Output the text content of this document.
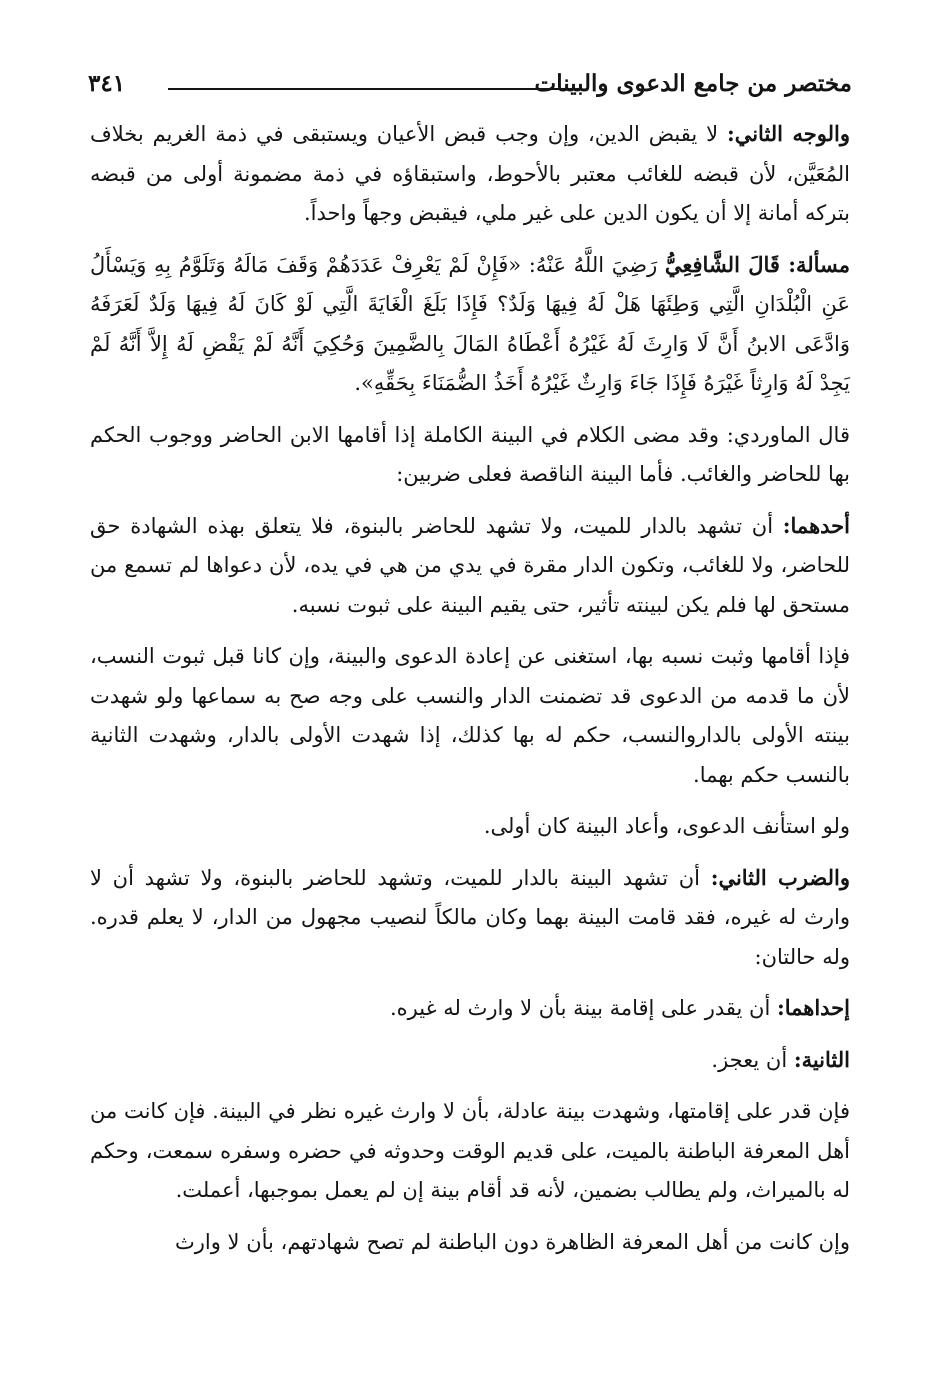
مختصر من جامع الدعوى والبينات
٣٤١

والوجه الثاني: لا يقبض الدين، وإن وجب قبض الأعيان ويستبقى في ذمة الغريم بخلاف المُعَيَّن، لأن قبضه للغائب معتبر بالأحوط، واستبقاؤه في ذمة مضمونة أولى من قبضه بتركه أمانة إلا أن يكون الدين على غير ملي، فيقبض وجهاً واحداً.

مسألة: قَالَ الشَّافِعِيُّ رَضِيَ اللَّهُ عَنْهُ: «فَإِنْ لَمْ يَعْرِفْ عَدَدَهُمْ وَقَفَ مَالَهُ وَتَلَوَّمُ بِهِ وَيَسْأَلُ عَنِ الْبُلْدَانِ الَّتِي وَطِئَهَا هَلْ لَهُ فِيهَا وَلَدٌ؟ فَإِذَا بَلَغَ الْغَايَةَ الَّتِي لَوْ كَانَ لَهُ فِيهَا وَلَدٌ لَعَرَفَهُ وَادَّعَى الابنُ أَنَّ لَا وَارِثَ لَهُ غَيْرُهُ أَعْطَاهُ المَالَ بِالضَّمِينَ وَحُكِيَ أَنَّهُ لَمْ يَقْضِ لَهُ إِلاَّ أَنَّهُ لَمْ يَجِدْ لَهُ وَارِثاً غَيْرَهُ فَإِذَا جَاءَ وَارِثٌ غَيْرُهُ أَخَذُ الضُّمَنَاءَ بِحَقِّهِ».

قال الماوردي: وقد مضى الكلام في البينة الكاملة إذا أقامها الابن الحاضر ووجوب الحكم بها للحاضر والغائب. فأما البينة الناقصة فعلى ضربين:

أحدهما: أن تشهد بالدار للميت، ولا تشهد للحاضر بالبنوة، فلا يتعلق بهذه الشهادة حق للحاضر، ولا للغائب، وتكون الدار مقرة في يدي من هي في يده، لأن دعواها لم تسمع من مستحق لها فلم يكن لبينته تأثير، حتى يقيم البينة على ثبوت نسبه.

فإذا أقامها وثبت نسبه بها، استغنى عن إعادة الدعوى والبينة، وإن كانا قبل ثبوت النسب، لأن ما قدمه من الدعوى قد تضمنت الدار والنسب على وجه صح به سماعها ولو شهدت بينته الأولى بالداروالنسب، حكم له بها كذلك، إذا شهدت الأولى بالدار، وشهدت الثانية بالنسب حكم بهما.

ولو استأنف الدعوى، وأعاد البينة كان أولى.

والضرب الثاني: أن تشهد البينة بالدار للميت، وتشهد للحاضر بالبنوة، ولا تشهد أن لا وارث له غيره، فقد قامت البينة بهما وكان مالكاً لنصيب مجهول من الدار، لا يعلم قدره. وله حالتان:

إحداهما: أن يقدر على إقامة بينة بأن لا وارث له غيره.

الثانية: أن يعجز.

فإن قدر على إقامتها، وشهدت بينة عادلة، بأن لا وارث غيره نظر في البينة. فإن كانت من أهل المعرفة الباطنة بالميت، على قديم الوقت وحدوثه في حضره وسفره سمعت، وحكم له بالميراث، ولم يطالب بضمين، لأنه قد أقام بينة إن لم يعمل بموجبها، أعملت.

وإن كانت من أهل المعرفة الظاهرة دون الباطنة لم تصح شهادتهم، بأن لا وارث
